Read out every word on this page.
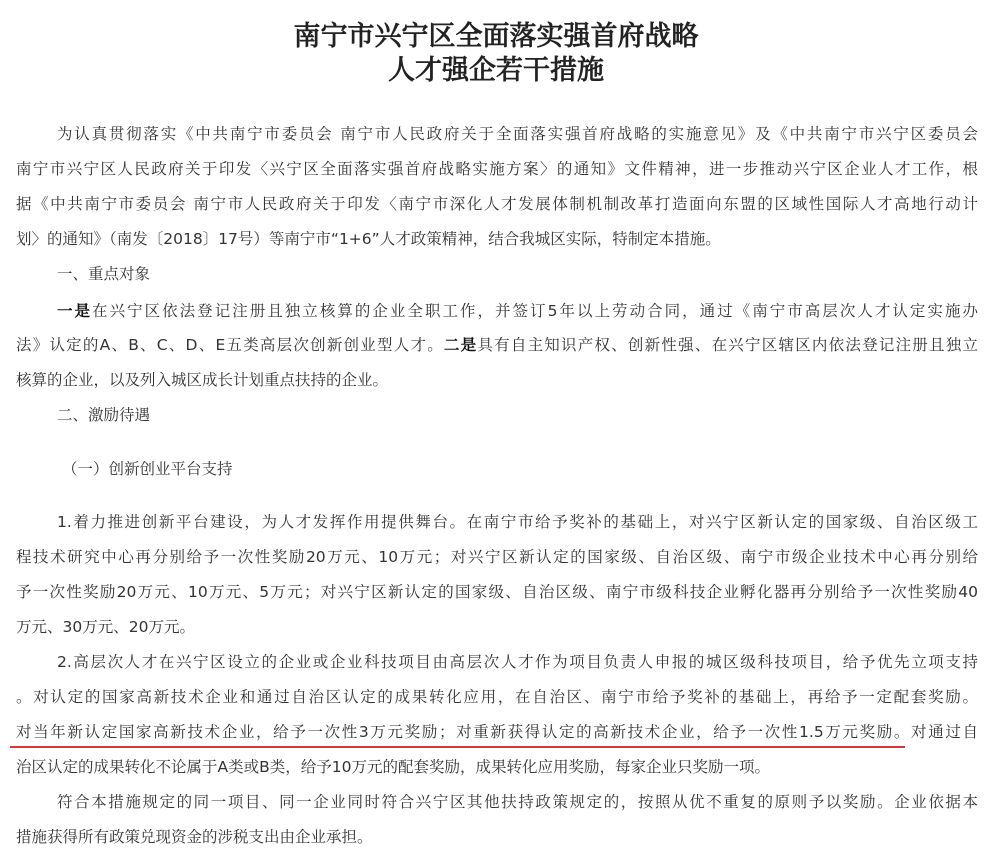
南宁市兴宁区全面落实强首府战略
人才强企若干措施
为认真贯彻落实《中共南宁市委员会 南宁市人民政府关于全面落实强首府战略的实施意见》及《中共南宁市兴宁区委员会
南宁市兴宁区人民政府关于印发〈兴宁区全面落实强首府战略实施方案〉的通知》文件精神，进一步推动兴宁区企业人才工作，根
据《中共南宁市委员会 南宁市人民政府关于印发〈南宁市深化人才发展体制机制改革打造面向东盟的区域性国际人才高地行动计
划〉的通知》（南发〔2018〕17号）等南宁市“1+6”人才政策精神，结合我城区实际，特制定本措施。
一、重点对象
一是在兴宁区依法登记注册且独立核算的企业全职工作，并签订5年以上劳动合同，通过《南宁市高层次人才认定实施办
法》认定的A、B、C、D、E五类高层次创新创业型人才。二是具有自主知识产权、创新性强、在兴宁区辖区内依法登记注册且独立
核算的企业，以及列入城区成长计划重点扶持的企业。
二、激励待遇
（一）创新创业平台支持
1.着力推进创新平台建设，为人才发挥作用提供舞台。在南宁市给予奖补的基础上，对兴宁区新认定的国家级、自治区级工
程技术研究中心再分别给予一次性奖励20万元、10万元；对兴宁区新认定的国家级、自治区级、南宁市级企业技术中心再分别给
予一次性奖励20万元、10万元、5万元；对兴宁区新认定的国家级、自治区级、南宁市级科技企业孵化器再分别给予一次性奖励40
万元、30万元、20万元。
2.高层次人才在兴宁区设立的企业或企业科技项目由高层次人才作为项目负责人申报的城区级科技项目，给予优先立项支持
。对认定的国家高新技术企业和通过自治区认定的成果转化应用，在自治区、南宁市给予奖补的基础上，再给予一定配套奖励。
对当年新认定国家高新技术企业，给予一次性3万元奖励；对重新获得认定的高新技术企业，给予一次性1.5万元奖励。对通过自
治区认定的成果转化不论属于A类或B类，给予10万元的配套奖励，成果转化应用奖励，每家企业只奖励一项。
符合本措施规定的同一项目、同一企业同时符合兴宁区其他扶持政策规定的，按照从优不重复的原则予以奖励。企业依据本
措施获得所有政策兑现资金的涉税支出由企业承担。
